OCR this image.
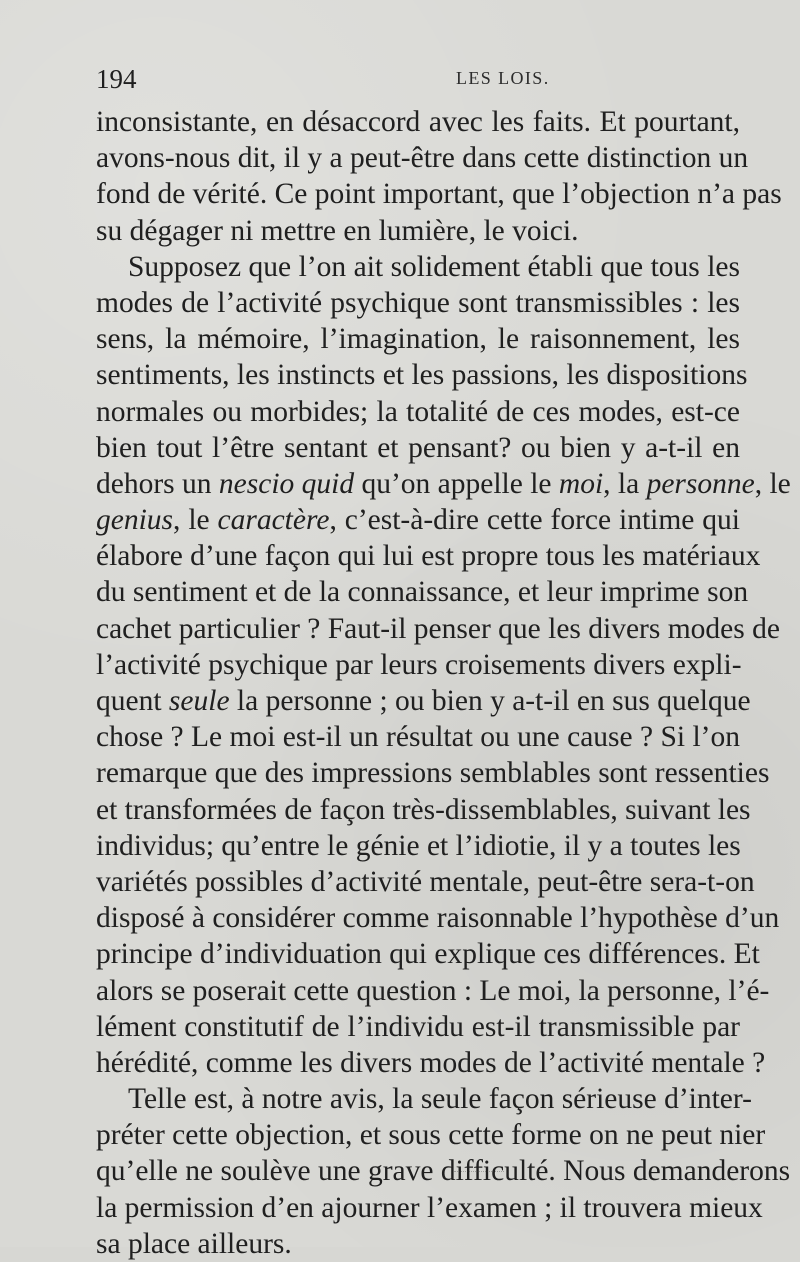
194	LES LOIS.
inconsistante, en désaccord avec les faits. Et pourtant,
avons-nous dit, il y a peut-être dans cette distinction un
fond de vérité. Ce point important, que l’objection n’a pas
su dégager ni mettre en lumière, le voici.
Supposez que l’on ait solidement établi que tous les
modes de l’activité psychique sont transmissibles : les
sens, la mémoire, l’imagination, le raisonnement, les
sentiments, les instincts et les passions, les dispositions
normales ou morbides; la totalité de ces modes, est-ce
bien tout l’être sentant et pensant? ou bien y a-t-il en
dehors un nescio quid qu’on appelle le moi, la personne, le
genius, le caractère, c’est-à-dire cette force intime qui
élabore d’une façon qui lui est propre tous les matériaux
du sentiment et de la connaissance, et leur imprime son
cachet particulier ? Faut-il penser que les divers modes de
l’activité psychique par leurs croisements divers expli-
quent seule la personne ; ou bien y a-t-il en sus quelque
chose ? Le moi est-il un résultat ou une cause ? Si l’on
remarque que des impressions semblables sont ressenties
et transformées de façon très-dissemblables, suivant les
individus; qu’entre le génie et l’idiotie, il y a toutes les
variétés possibles d’activité mentale, peut-être sera-t-on
disposé à considérer comme raisonnable l’hypothèse d’un
principe d’individuation qui explique ces différences. Et
alors se poserait cette question : Le moi, la personne, l’é-
lément constitutif de l’individu est-il transmissible par
hérédité, comme les divers modes de l’activité mentale ?
Telle est, à notre avis, la seule façon sérieuse d’inter-
préter cette objection, et sous cette forme on ne peut nier
qu’elle ne soulève une grave difficulté. Nous demanderons
la permission d’en ajourner l’examen ; il trouvera mieux
sa place ailleurs.
